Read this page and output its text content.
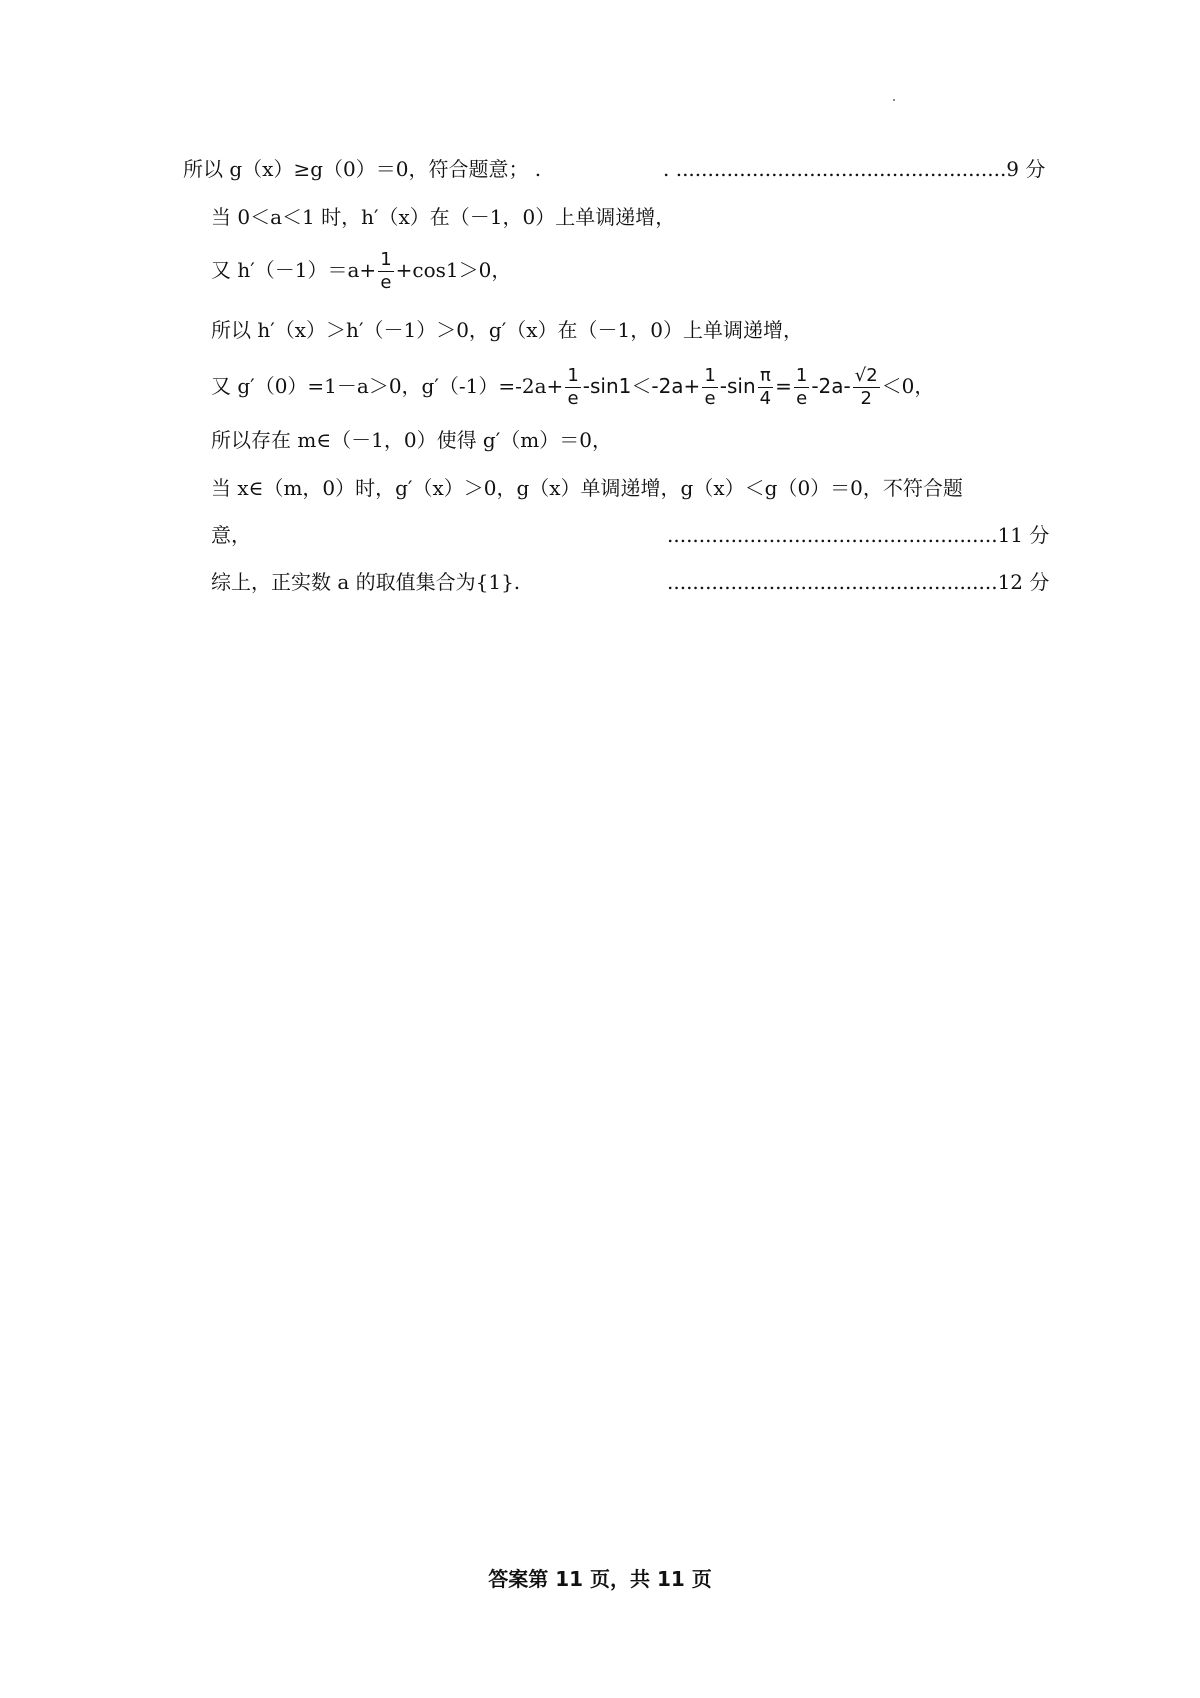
所以 g（x）≥g（0）＝0，符合题意； .	. ....................................................9 分
当 0＜a＜1 时，h′（x）在（－1，0）上单调递增，
又 $h'(-1)=a+ \frac{1}{e} +\cos 1>0$，
所以 h′（x）＞h′（－1）＞0，g′（x）在（－1，0）上单调递增，
又 g′（0）=1－a＞0，$g'(-1)=-2a+ \frac{1}{e} -\sin 1<-2a+ \frac{1}{e} -\sin \frac{\pi}{4} = \frac{1}{e} -2a- \frac{√2}{2} <0$，
所以存在 m∈（－1，0）使得 g′（m）＝0，
当 x∈（m，0）时，g′（x）＞0，g（x）单调递增，g（x）＜g（0）＝0，不符合题
意，	....................................................11 分
综上，正实数 a 的取值集合为{1}.	....................................................12 分
答案第 11 页，共 11 页
